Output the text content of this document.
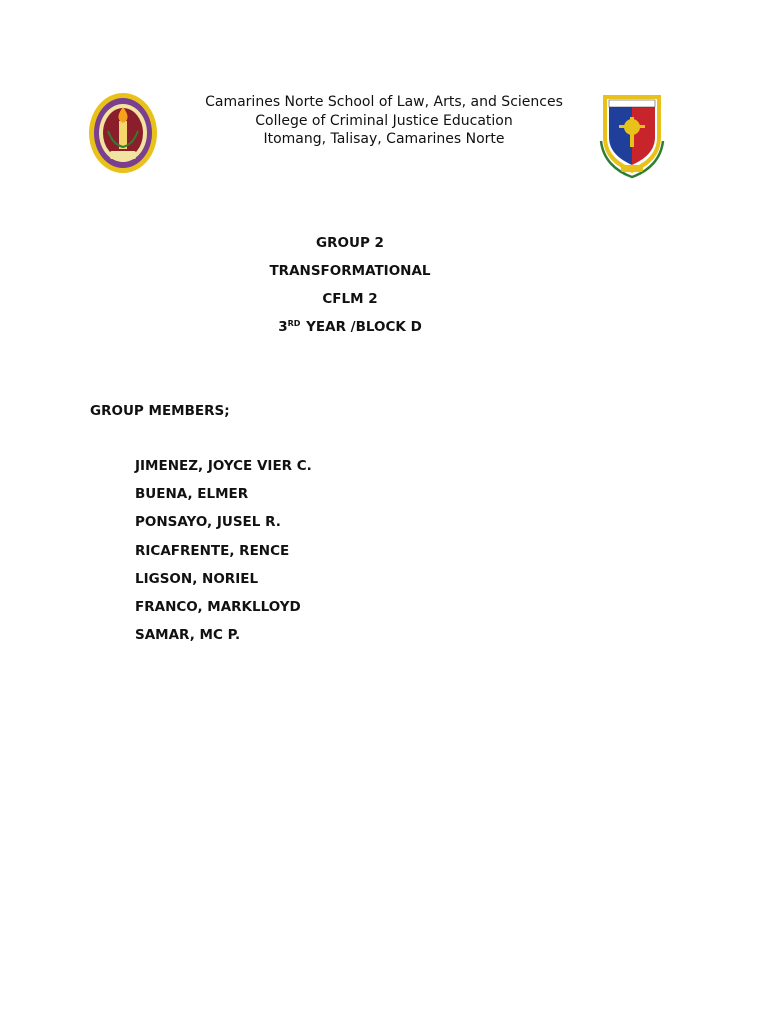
Camarines Norte School of Law, Arts, and Sciences
College of Criminal Justice Education
Itomang, Talisay, Camarines Norte
GROUP 2
TRANSFORMATIONAL
CFLM 2
3RD YEAR /BLOCK D
GROUP MEMBERS;
JIMENEZ, JOYCE VIER C.
BUENA, ELMER
PONSAYO, JUSEL R.
RICAFRENTE, RENCE
LIGSON, NORIEL
FRANCO, MARKLLOYD
SAMAR, MC P.
